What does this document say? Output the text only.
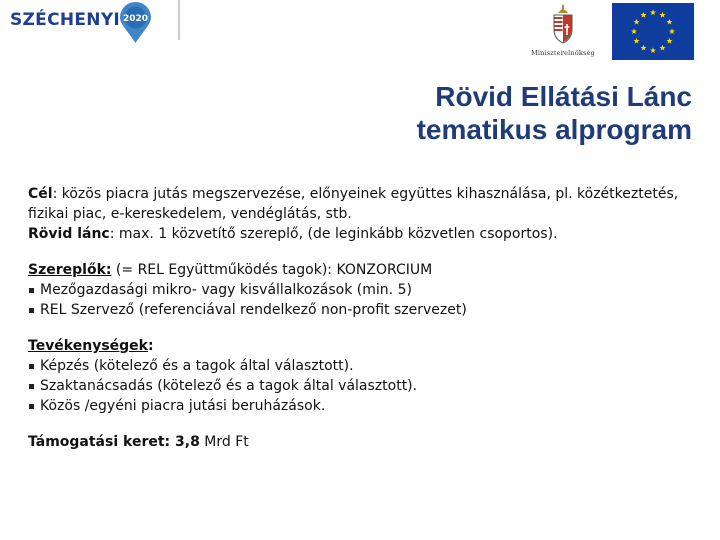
SZÉCHENYI 2020
Miniszterelnökség
Rövid Ellátási Lánc
tematikus alprogram

Cél: közös piacra jutás megszervezése, előnyeinek együttes kihasználása, pl. közétkeztetés, fizikai piac, e-kereskedelem, vendéglátás, stb.

Rövid lánc: max. 1 közvetítő szereplő, (de leginkább közvetlen csoportos).

Szereplők: (= REL Együttműködés tagok): KONZORCIUM

Mezőgazdasági mikro- vagy kisvállalkozások (min. 5)
REL Szervező (referenciával rendelkező non-profit szervezet)

Tevékenységek:

Képzés (kötelező és a tagok által választott).
Szaktanácsadás (kötelező és a tagok által választott).
Közös /egyéni piacra jutási beruházások.

Támogatási keret: 3,8 Mrd Ft
